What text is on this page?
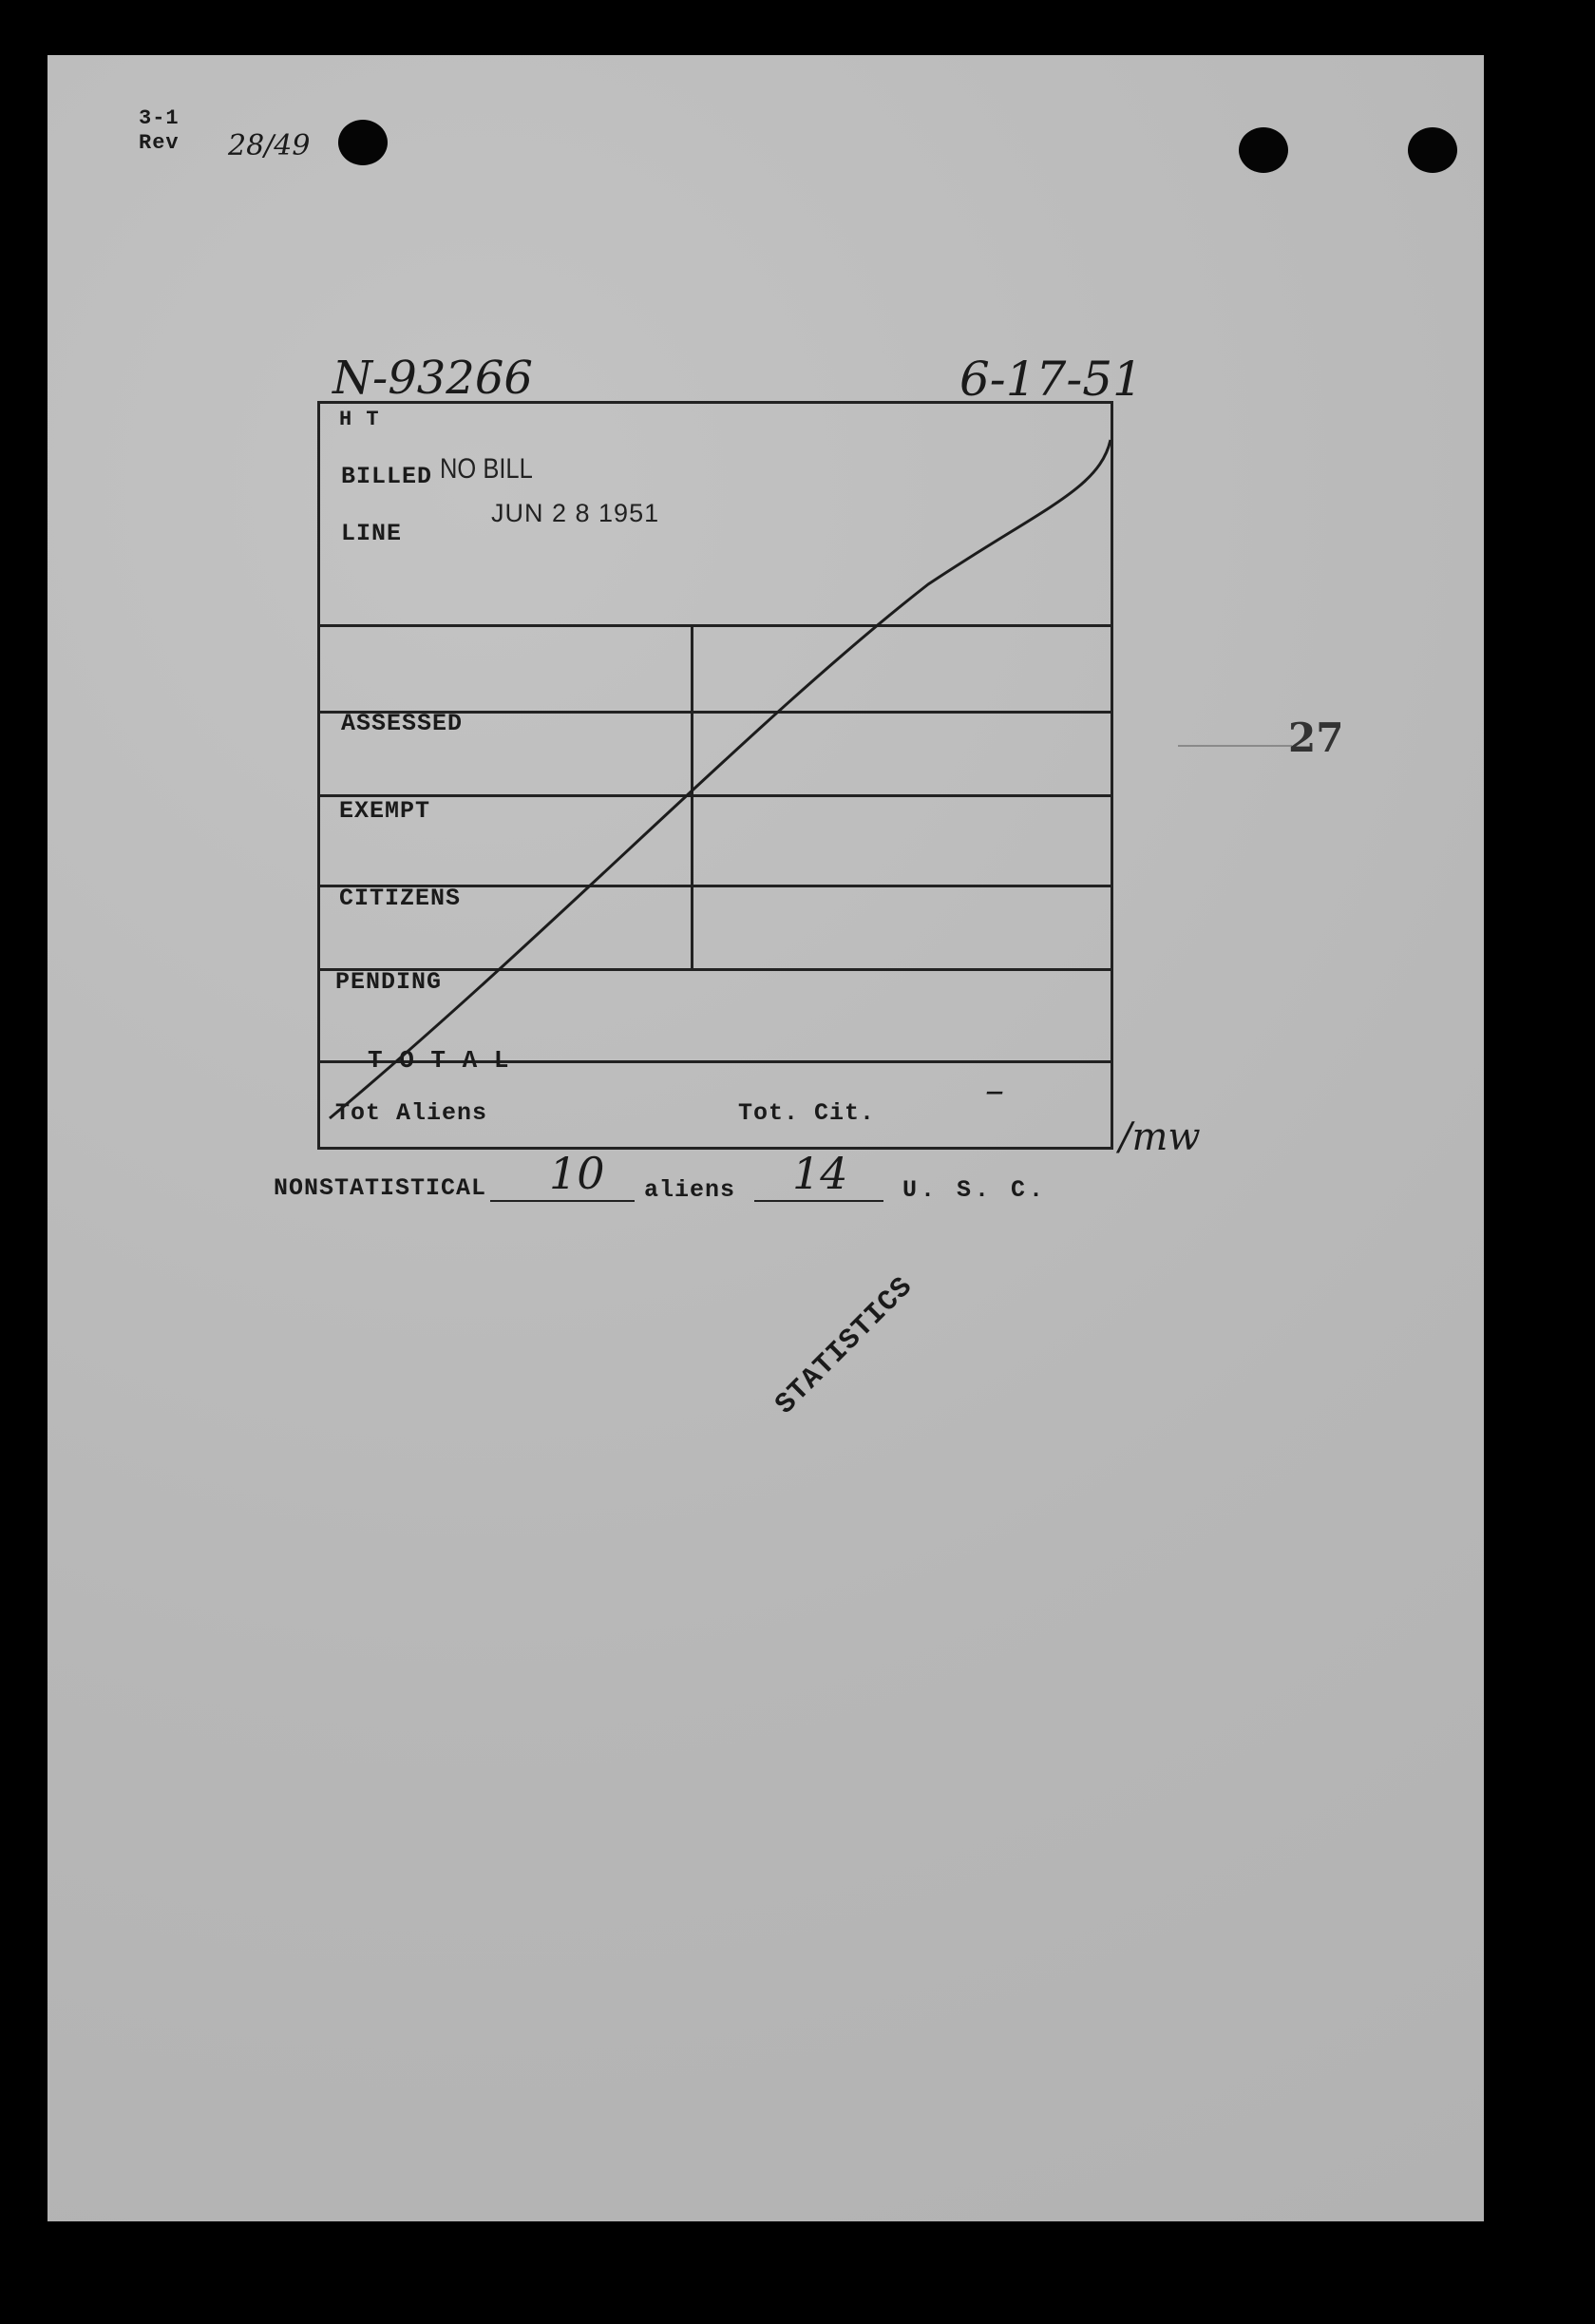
3-1
Rev 28/49
N-93266	6-17-51
H T
BILLED
LINE
NO BILL
JUN 2 8 1951
ASSESSED
EXEMPT
CITIZENS
PENDING
T O T A L
Tot Aliens	Tot. Cit.
–
/mw
27
NONSTATISTICAL 10 aliens 14 U. S. C.
STATISTICS
